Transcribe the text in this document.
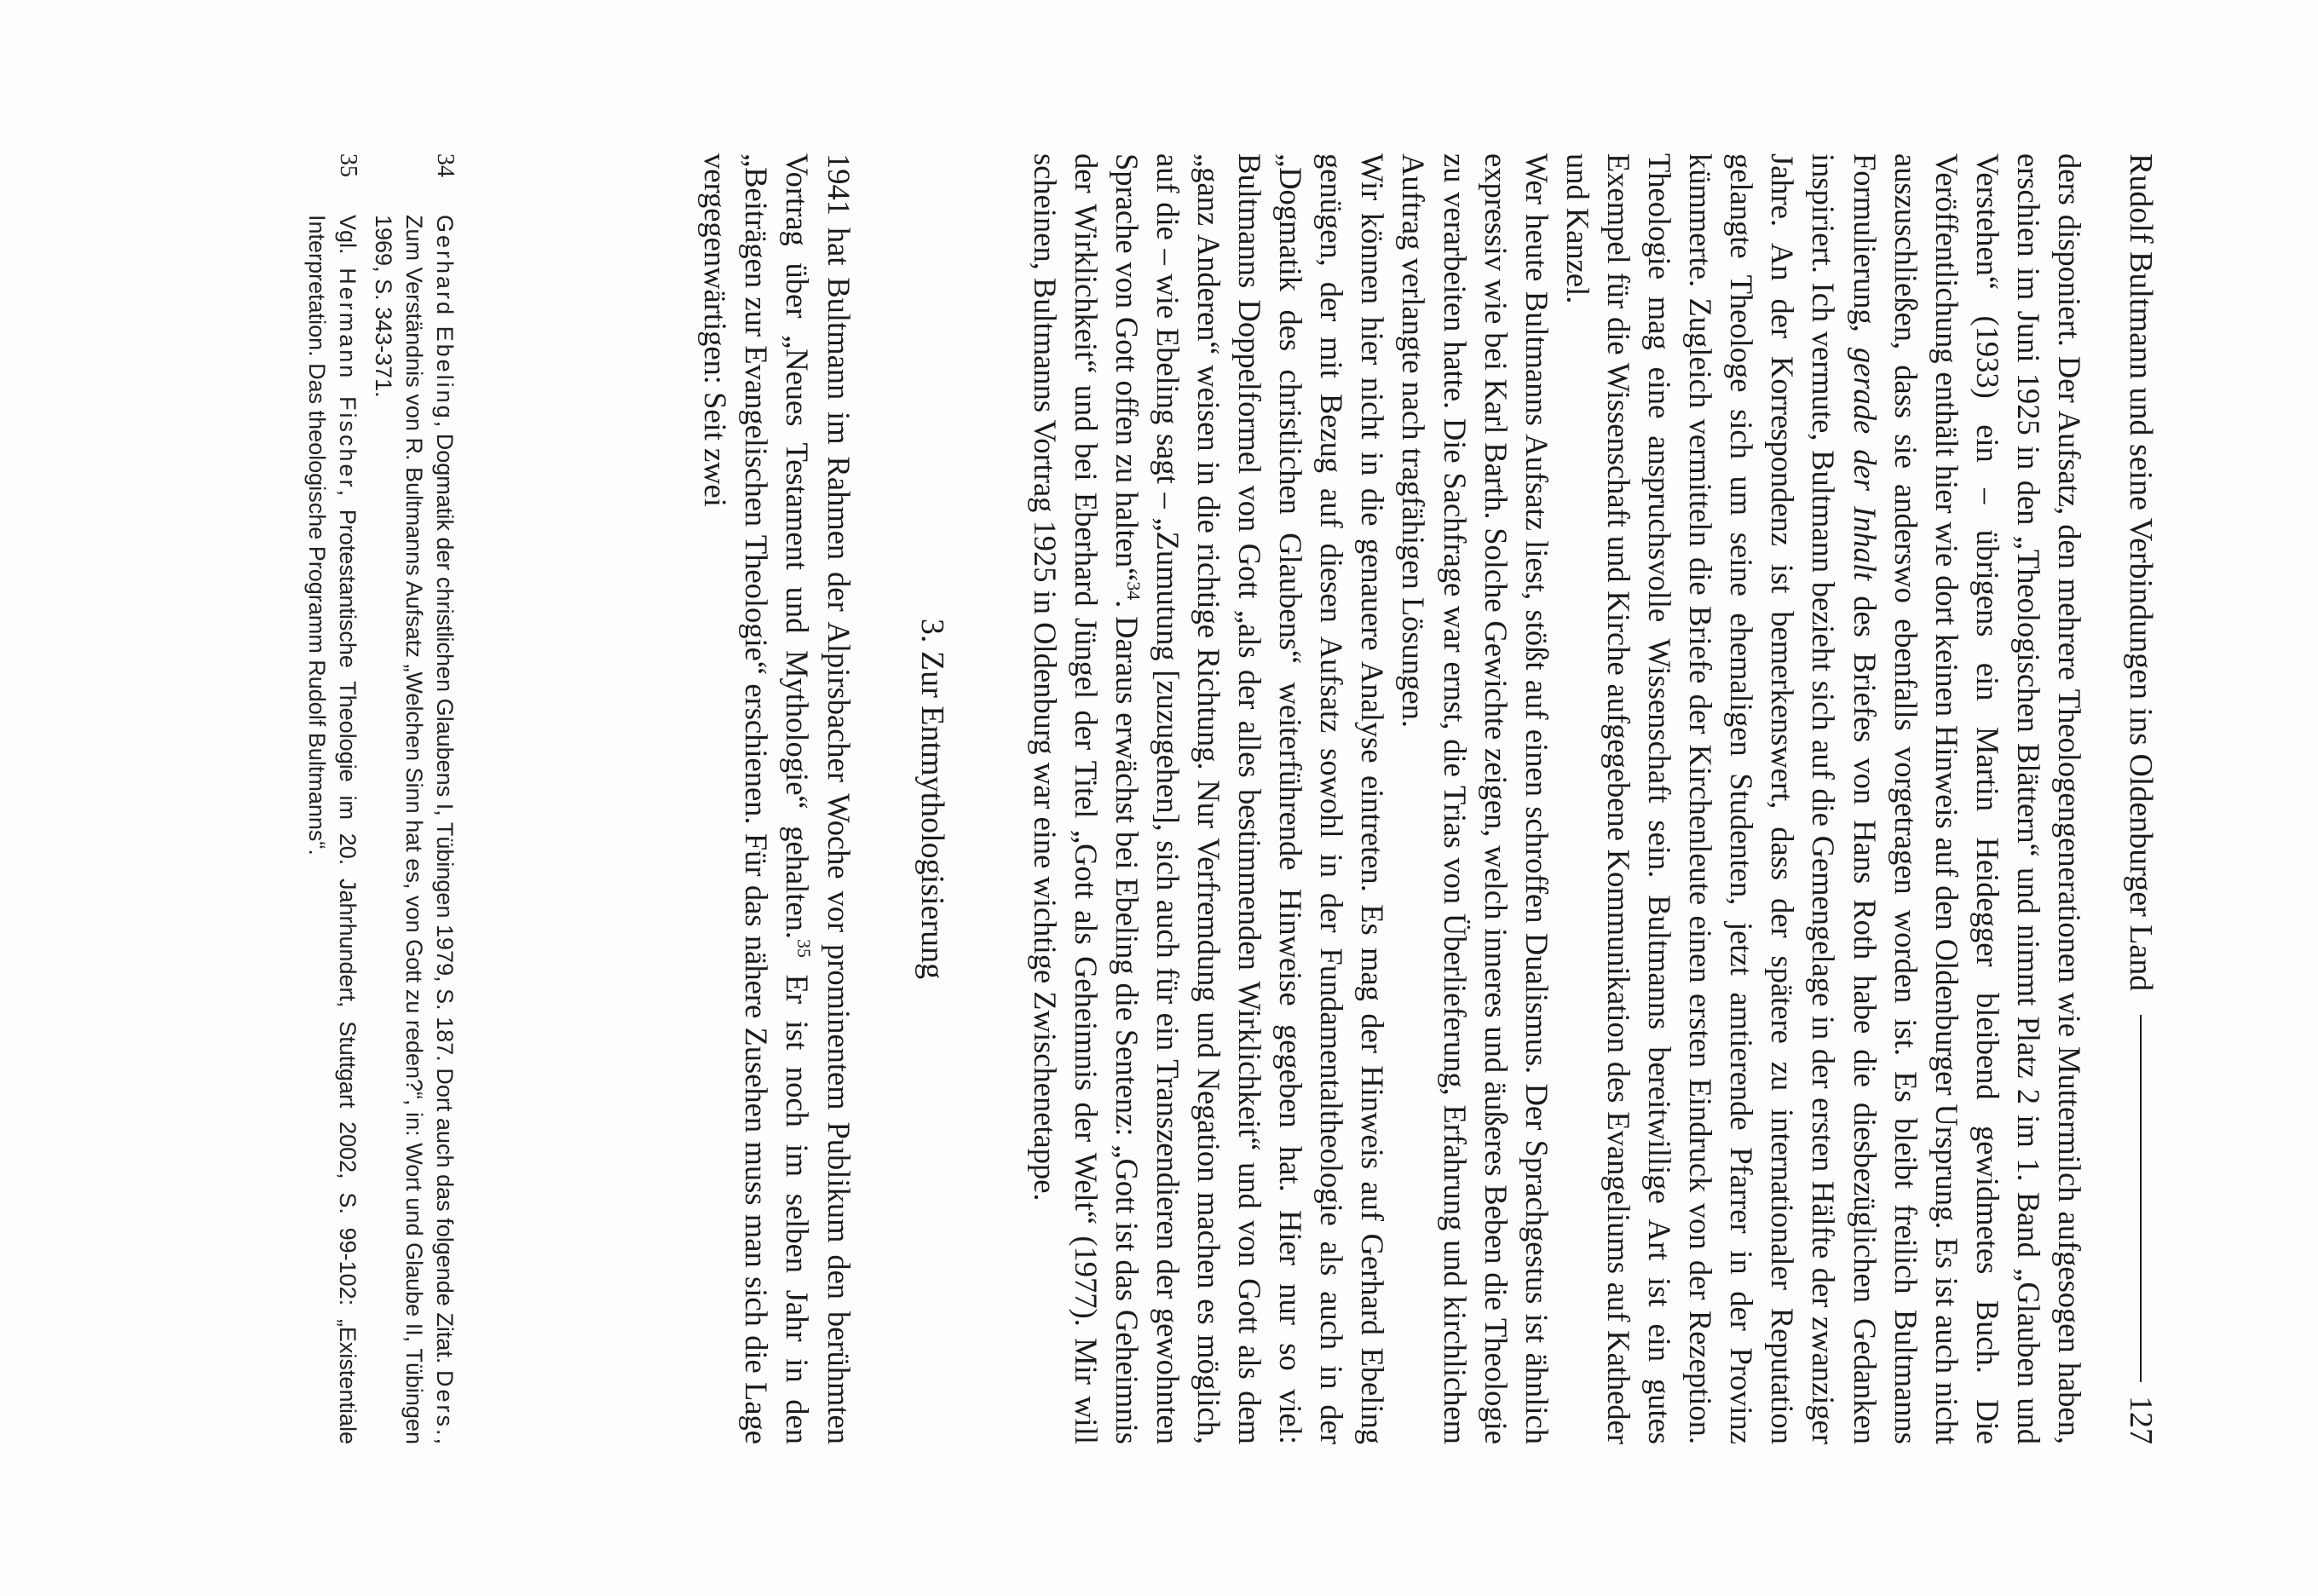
Rudolf Bultmann und seine Verbindungen ins Oldenburger Land
127

ders disponiert. Der Aufsatz, den mehrere Theologengenerationen wie Muttermilch aufgesogen haben, erschien im Juni 1925 in den „Theologischen Blättern“ und nimmt Platz 2 im 1. Band „Glauben und Verstehen“ (1933) ein – übrigens ein Martin Heidegger bleibend gewidmetes Buch. Die Veröffentlichung enthält hier wie dort keinen Hinweis auf den Oldenburger Ursprung. Es ist auch nicht auszuschließen, dass sie anderswo ebenfalls vorgetragen worden ist. Es bleibt freilich Bultmanns Formulierung, gerade der Inhalt des Briefes von Hans Roth habe die diesbezüglichen Gedanken inspiriert. Ich vermute, Bultmann bezieht sich auf die Gemengelage in der ersten Hälfte der zwanziger Jahre. An der Korrespondenz ist bemerkenswert, dass der spätere zu internationaler Reputation gelangte Theologe sich um seine ehemaligen Studenten, jetzt amtierende Pfarrer in der Provinz kümmerte. Zugleich vermitteln die Briefe der Kirchenleute einen ersten Eindruck von der Rezeption. Theologie mag eine anspruchsvolle Wissenschaft sein. Bultmanns bereitwillige Art ist ein gutes Exempel für die Wissenschaft und Kirche aufgegebene Kommunikation des Evangeliums auf Katheder und Kanzel.

Wer heute Bultmanns Aufsatz liest, stößt auf einen schroffen Dualismus. Der Sprachgestus ist ähnlich expressiv wie bei Karl Barth. Solche Gewichte zeigen, welch inneres und äußeres Beben die Theologie zu verarbeiten hatte. Die Sachfrage war ernst, die Trias von Überlieferung, Erfahrung und kirchlichem Auftrag verlangte nach tragfähigen Lösungen.

Wir können hier nicht in die genauere Analyse eintreten. Es mag der Hinweis auf Gerhard Ebeling genügen, der mit Bezug auf diesen Aufsatz sowohl in der Fundamentaltheologie als auch in der „Dogmatik des christlichen Glaubens“ weiterführende Hinweise gegeben hat. Hier nur so viel: Bultmanns Doppelformel von Gott „als der alles bestimmenden Wirklichkeit“ und von Gott als dem „ganz Anderen“ weisen in die richtige Richtung. Nur Verfremdung und Negation machen es möglich, auf die – wie Ebeling sagt – „Zumutung [zuzugehen], sich auch für ein Transzendieren der gewohnten Sprache von Gott offen zu halten“$^{34}$. Daraus erwächst bei Ebeling die Sentenz: „Gott ist das Geheimnis der Wirklichkeit“ und bei Eberhard Jüngel der Titel „Gott als Geheimnis der Welt“ (1977). Mir will scheinen, Bultmanns Vortrag 1925 in Oldenburg war eine wichtige Zwischenetappe.

3. Zur Entmythologisierung

1941 hat Bultmann im Rahmen der Alpirsbacher Woche vor prominentem Publikum den berühmten Vortrag über „Neues Testament und Mythologie“ gehalten.$^{35}$ Er ist noch im selben Jahr in den „Beiträgen zur Evangelischen Theologie“ erschienen. Für das nähere Zusehen muss man sich die Lage vergegenwärtigen: Seit zwei

34
Gerhard Ebeling, Dogmatik der christlichen Glaubens I, Tübingen 1979, S. 187. Dort auch das folgende Zitat. Ders., Zum Verständnis von R. Bultmanns Aufsatz „Welchen Sinn hat es, von Gott zu reden?“, in: Wort und Glaube II, Tübingen 1969, S. 343-371.
35
Vgl. Hermann Fischer, Protestantische Theologie im 20. Jahrhundert, Stuttgart 2002, S. 99-102: „Existentiale Interpretation. Das theologische Programm Rudolf Bultmanns“.
